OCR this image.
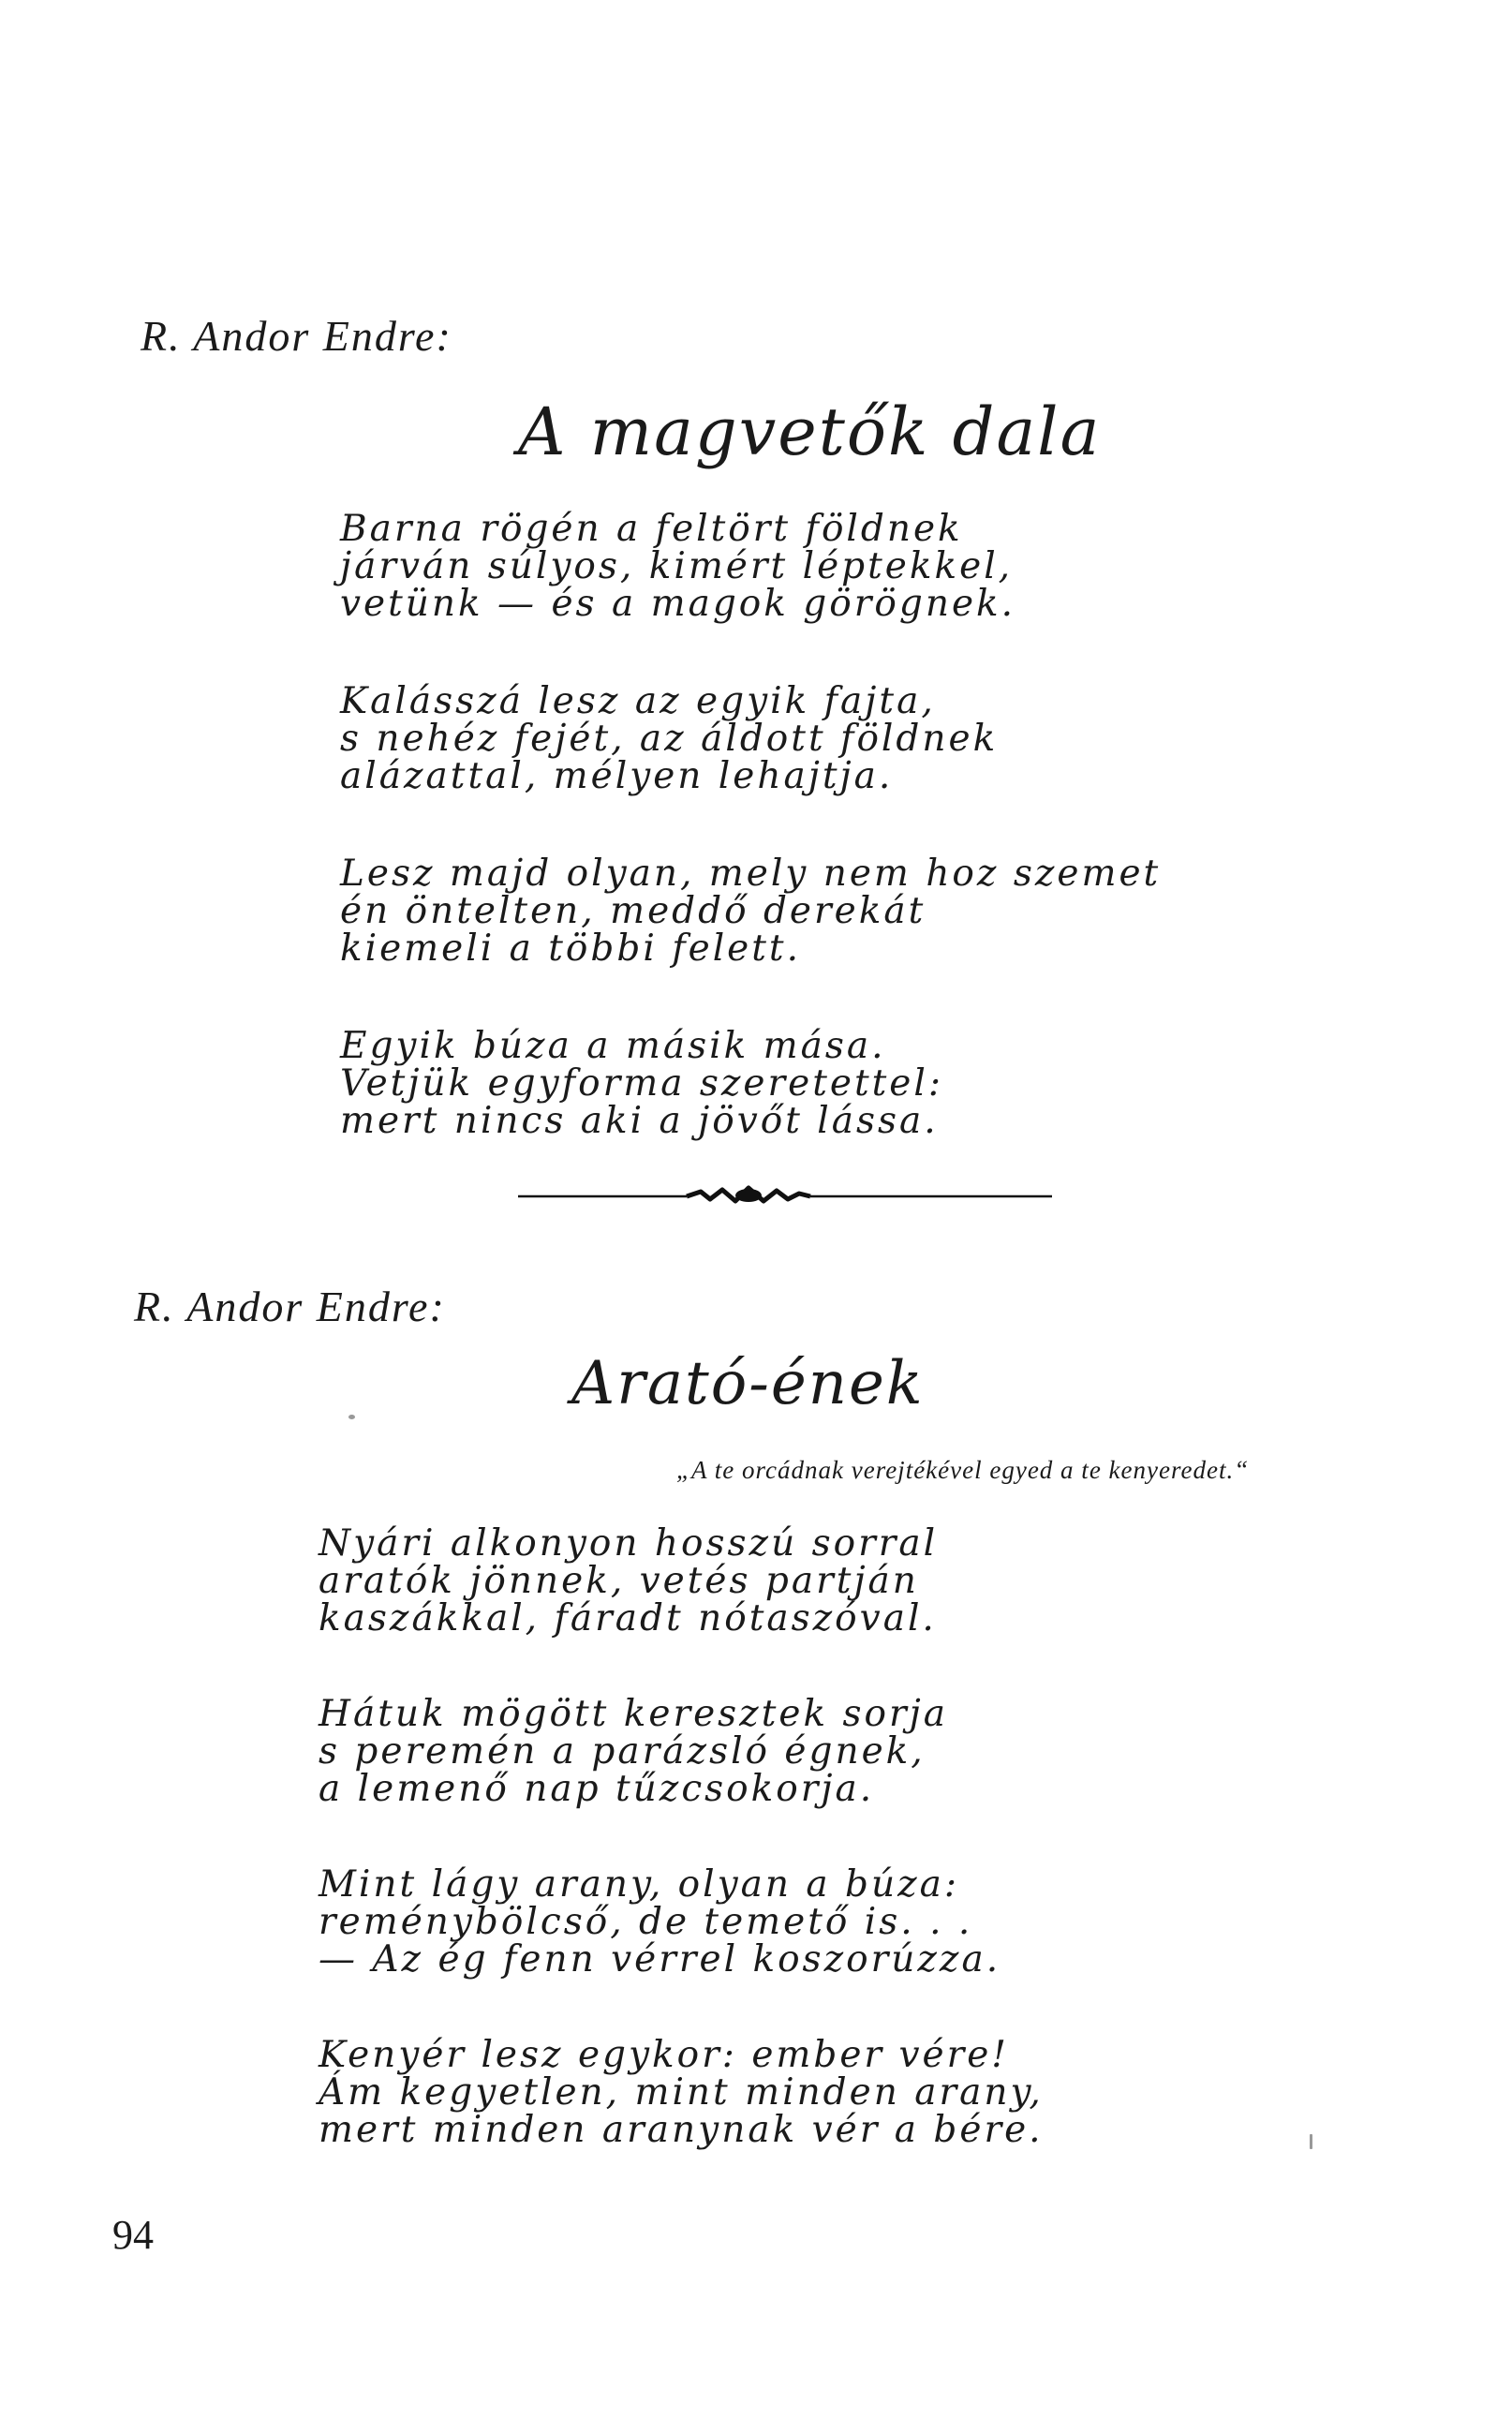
R. Andor Endre:
A magvetők dala
Barna rögén a feltört földnek
járván súlyos, kimért léptekkel,
vetünk — és a magok görögnek.
Kalásszá lesz az egyik fajta,
s nehéz fejét, az áldott földnek
alázattal, mélyen lehajtja.
Lesz majd olyan, mely nem hoz szemet
én öntelten, meddő derekát
kiemeli a többi felett.
Egyik búza a másik mása.
Vetjük egyforma szeretettel:
mert nincs aki a jövőt lássa.
R. Andor Endre:
Arató-ének
„A te orcádnak verejtékével egyed a te kenyeredet.“
Nyári alkonyon hosszú sorral
aratók jönnek, vetés partján
kaszákkal, fáradt nótaszóval.
Hátuk mögött keresztek sorja
s peremén a parázsló égnek,
a lemenő nap tűzcsokorja.
Mint lágy arany, olyan a búza:
reménybölcső, de temető is. . .
— Az ég fenn vérrel koszorúzza.
Kenyér lesz egykor: ember vére!
Ám kegyetlen, mint minden arany,
mert minden aranynak vér a bére.
94
